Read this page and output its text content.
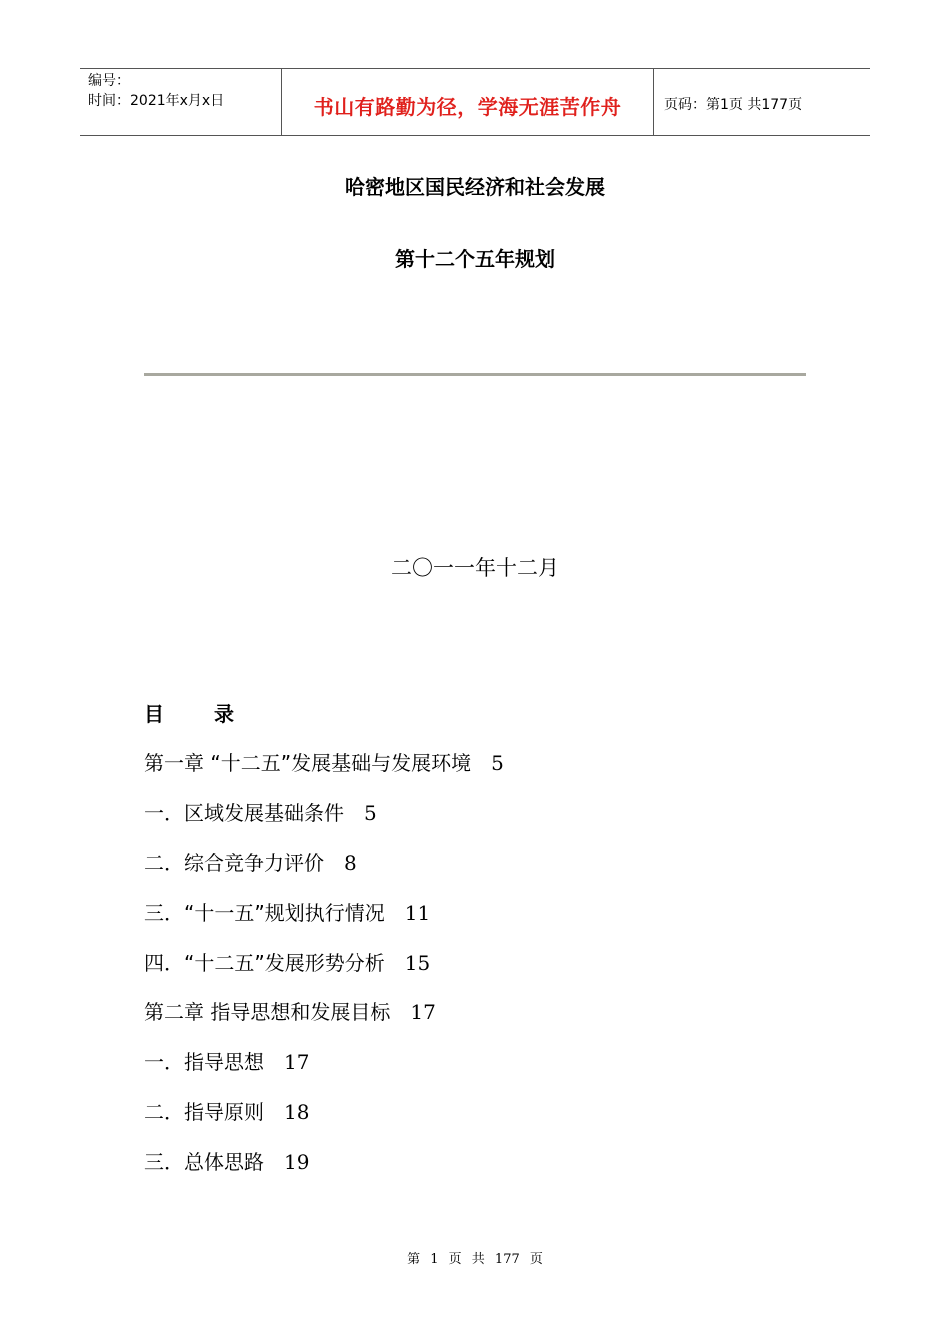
编号：
时间：2021年x月x日	书山有路勤为径，学海无涯苦作舟	页码：第1页 共177页
哈密地区国民经济和社会发展
第十二个五年规划
二〇一一年十二月
目	录
第一章 “十二五”发展基础与发展环境 5
一．区域发展基础条件 5
二．综合竞争力评价 8
三．“十一五”规划执行情况 11
四．“十二五”发展形势分析 15
第二章 指导思想和发展目标 17
一．指导思想 17
二．指导原则 18
三．总体思路 19
第 1 页 共 177 页
